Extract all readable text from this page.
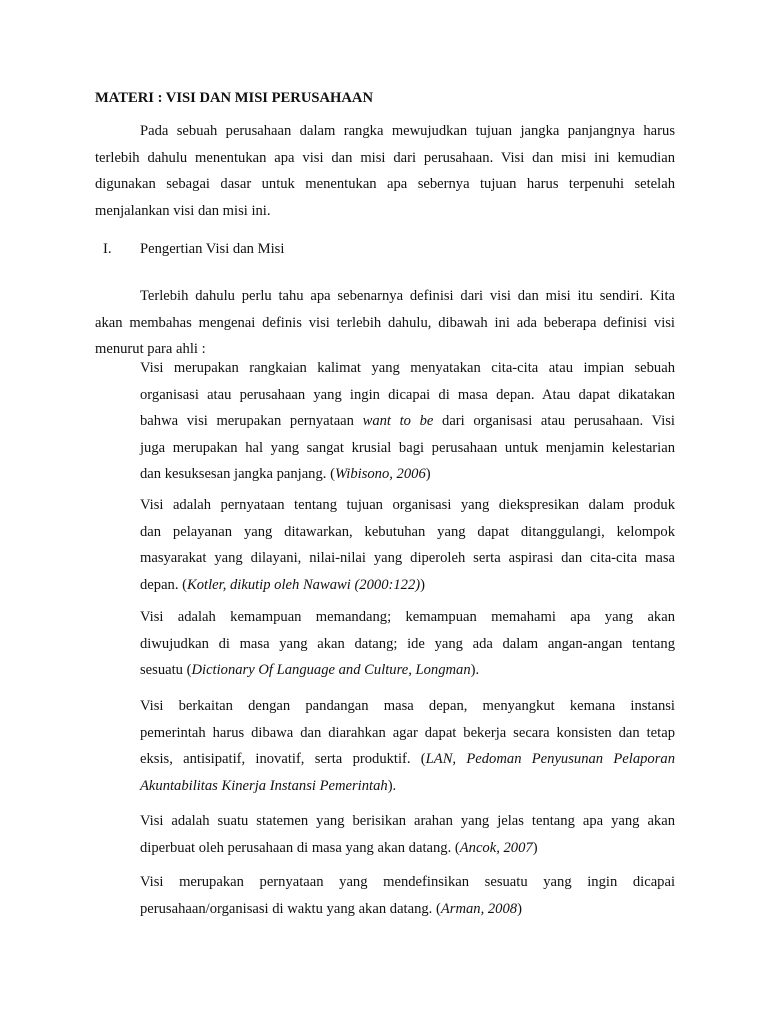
MATERI : VISI DAN MISI PERUSAHAAN
Pada sebuah perusahaan dalam rangka mewujudkan tujuan jangka panjangnya harus
terlebih dahulu menentukan apa visi dan misi dari perusahaan. Visi dan misi ini kemudian
digunakan sebagai dasar untuk menentukan apa sebernya tujuan harus terpenuhi setelah
menjalankan visi dan misi ini.
I. Pengertian Visi dan Misi
Terlebih dahulu perlu tahu apa sebenarnya definisi dari visi dan misi itu sendiri. Kita
akan membahas mengenai definis visi terlebih dahulu, dibawah ini ada beberapa definisi visi
menurut para ahli :
Visi merupakan rangkaian kalimat yang menyatakan cita-cita atau impian sebuah
organisasi atau perusahaan yang ingin dicapai di masa depan. Atau dapat dikatakan
bahwa visi merupakan pernyataan want to be dari organisasi atau perusahaan. Visi
juga merupakan hal yang sangat krusial bagi perusahaan untuk menjamin kelestarian
dan kesuksesan jangka panjang. (Wibisono, 2006)
Visi adalah pernyataan tentang tujuan organisasi yang diekspresikan dalam produk
dan pelayanan yang ditawarkan, kebutuhan yang dapat ditanggulangi, kelompok
masyarakat yang dilayani, nilai-nilai yang diperoleh serta aspirasi dan cita-cita masa
depan. (Kotler, dikutip oleh Nawawi (2000:122))
Visi adalah kemampuan memandang; kemampuan memahami apa yang akan
diwujudkan di masa yang akan datang; ide yang ada dalam angan-angan tentang
sesuatu (Dictionary Of Language and Culture, Longman).
Visi berkaitan dengan pandangan masa depan, menyangkut kemana instansi
pemerintah harus dibawa dan diarahkan agar dapat bekerja secara konsisten dan tetap
eksis, antisipatif, inovatif, serta produktif. (LAN, Pedoman Penyusunan Pelaporan
Akuntabilitas Kinerja Instansi Pemerintah).
Visi adalah suatu statemen yang berisikan arahan yang jelas tentang apa yang akan
diperbuat oleh perusahaan di masa yang akan datang. (Ancok, 2007)
Visi merupakan pernyataan yang mendefinsikan sesuatu yang ingin dicapai
perusahaan/organisasi di waktu yang akan datang. (Arman, 2008)
